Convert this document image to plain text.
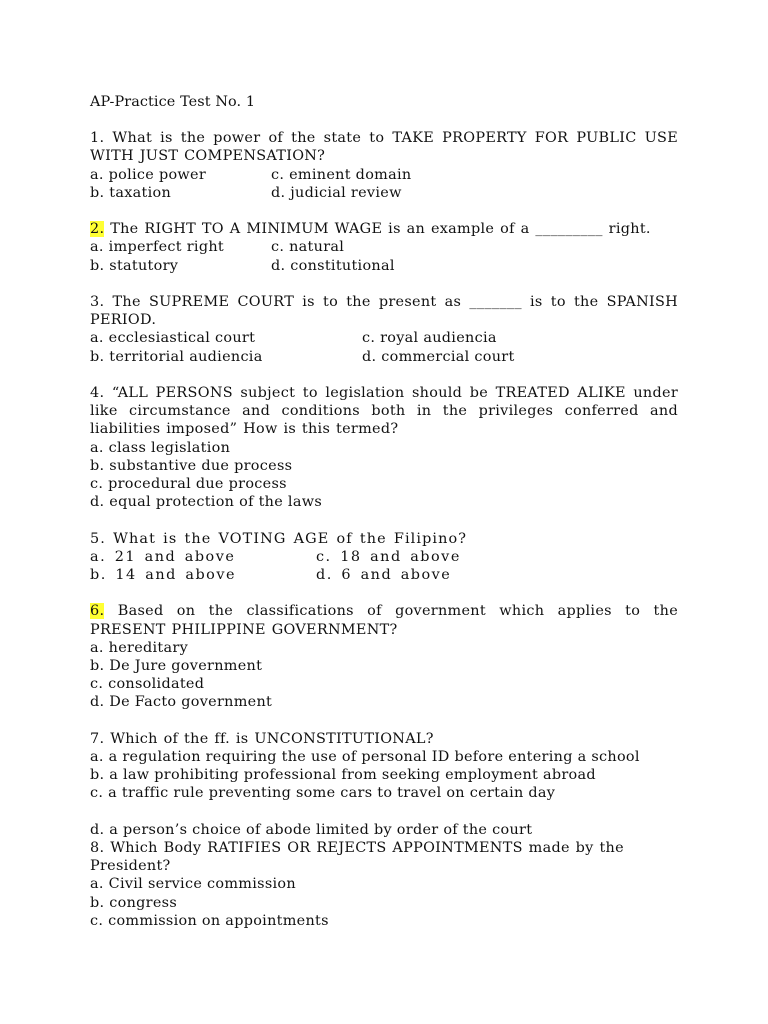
AP-Practice Test No. 1
1. What is the power of the state to TAKE PROPERTY FOR PUBLIC USE WITH JUST COMPENSATION?
a. police power	c. eminent domain
b. taxation	d. judicial review
2. The RIGHT TO A MINIMUM WAGE is an example of a _________ right.
a. imperfect right	c. natural
b. statutory	d. constitutional
3. The SUPREME COURT is to the present as _______ is to the SPANISH PERIOD.
a. ecclesiastical court	c. royal audiencia
b. territorial audiencia	d. commercial court
4. “ALL PERSONS subject to legislation should be TREATED ALIKE under like circumstance and conditions both in the privileges conferred and liabilities imposed” How is this termed?
a. class legislation
b. substantive due process
c. procedural due process
d. equal protection of the laws
5. What is the VOTING AGE of the Filipino?
a. 21 and above	c. 18 and above
b. 14 and above	d. 6 and above
6. Based on the classifications of government which applies to the PRESENT PHILIPPINE GOVERNMENT?
a. hereditary
b. De Jure government
c. consolidated
d. De Facto government
7. Which of the ff. is UNCONSTITUTIONAL?
a. a regulation requiring the use of personal ID before entering a school
b. a law prohibiting professional from seeking employment abroad
c. a traffic rule preventing some cars to travel on certain day
d. a person’s choice of abode limited by order of the court
8. Which Body RATIFIES OR REJECTS APPOINTMENTS made by the President?
a. Civil service commission
b. congress
c. commission on appointments
